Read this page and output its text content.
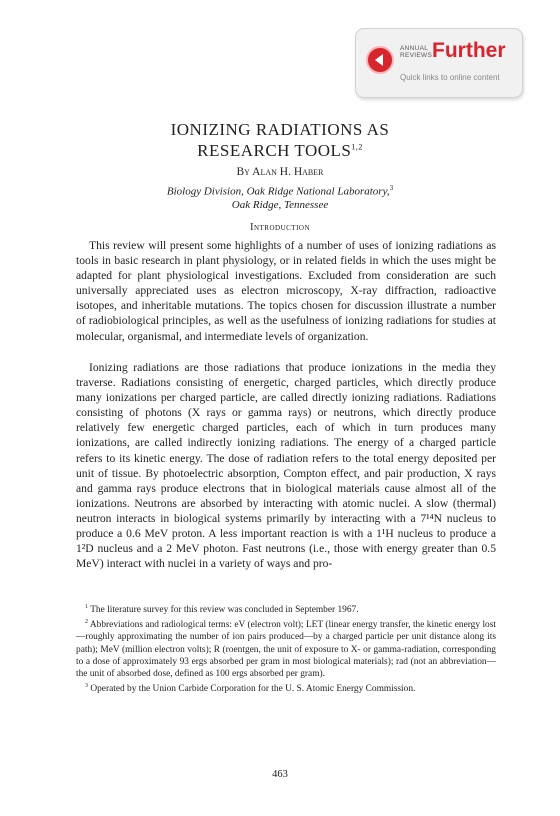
ANNUAL
REVIEWS Further
Quick links to online content
IONIZING RADIATIONS AS
RESEARCH TOOLS$^{1,2}$
By Alan H. Haber
Biology Division, Oak Ridge National Laboratory,$^3$
Oak Ridge, Tennessee
Introduction

This review will present some highlights of a number of uses of ionizing radiations as tools in basic research in plant physiology, or in related fields in which the uses might be adapted for plant physiological investigations. Excluded from consideration are such universally appreciated uses as electron microscopy, X-ray diffraction, radioactive isotopes, and inheritable mutations. The topics chosen for discussion illustrate a number of radiobiological principles, as well as the usefulness of ionizing radiations for studies at molecular, organismal, and intermediate levels of organization.

Ionizing radiations are those radiations that produce ionizations in the media they traverse. Radiations consisting of energetic, charged particles, which directly produce many ionizations per charged particle, are called directly ionizing radiations. Radiations consisting of photons (X rays or gamma rays) or neutrons, which directly produce relatively few energetic charged particles, each of which in turn produces many ionizations, are called indirectly ionizing radiations. The energy of a charged particle refers to its kinetic energy. The dose of radiation refers to the total energy deposited per unit of tissue. By photoelectric absorption, Compton effect, and pair production, X rays and gamma rays produce electrons that in biological materials cause almost all of the ionizations. Neutrons are absorbed by interacting with atomic nuclei. A slow (thermal) neutron interacts in biological systems primarily by interacting with a 7¹⁴N nucleus to produce a 0.6 MeV proton. A less important reaction is with a 1¹H nucleus to produce a 1²D nucleus and a 2 MeV photon. Fast neutrons (i.e., those with energy greater than 0.5 MeV) interact with nuclei in a variety of ways and pro-

$^1$ The literature survey for this review was concluded in September 1967.

$^2$ Abbreviations and radiological terms: eV (electron volt); LET (linear energy transfer, the kinetic energy lost—roughly approximating the number of ion pairs produced—by a charged particle per unit distance along its path); MeV (million electron volts); R (roentgen, the unit of exposure to X- or gamma-radiation, corresponding to a dose of approximately 93 ergs absorbed per gram in most biological materials); rad (not an abbreviation—the unit of absorbed dose, defined as 100 ergs absorbed per gram).

$^3$ Operated by the Union Carbide Corporation for the U. S. Atomic Energy Commission.

463
